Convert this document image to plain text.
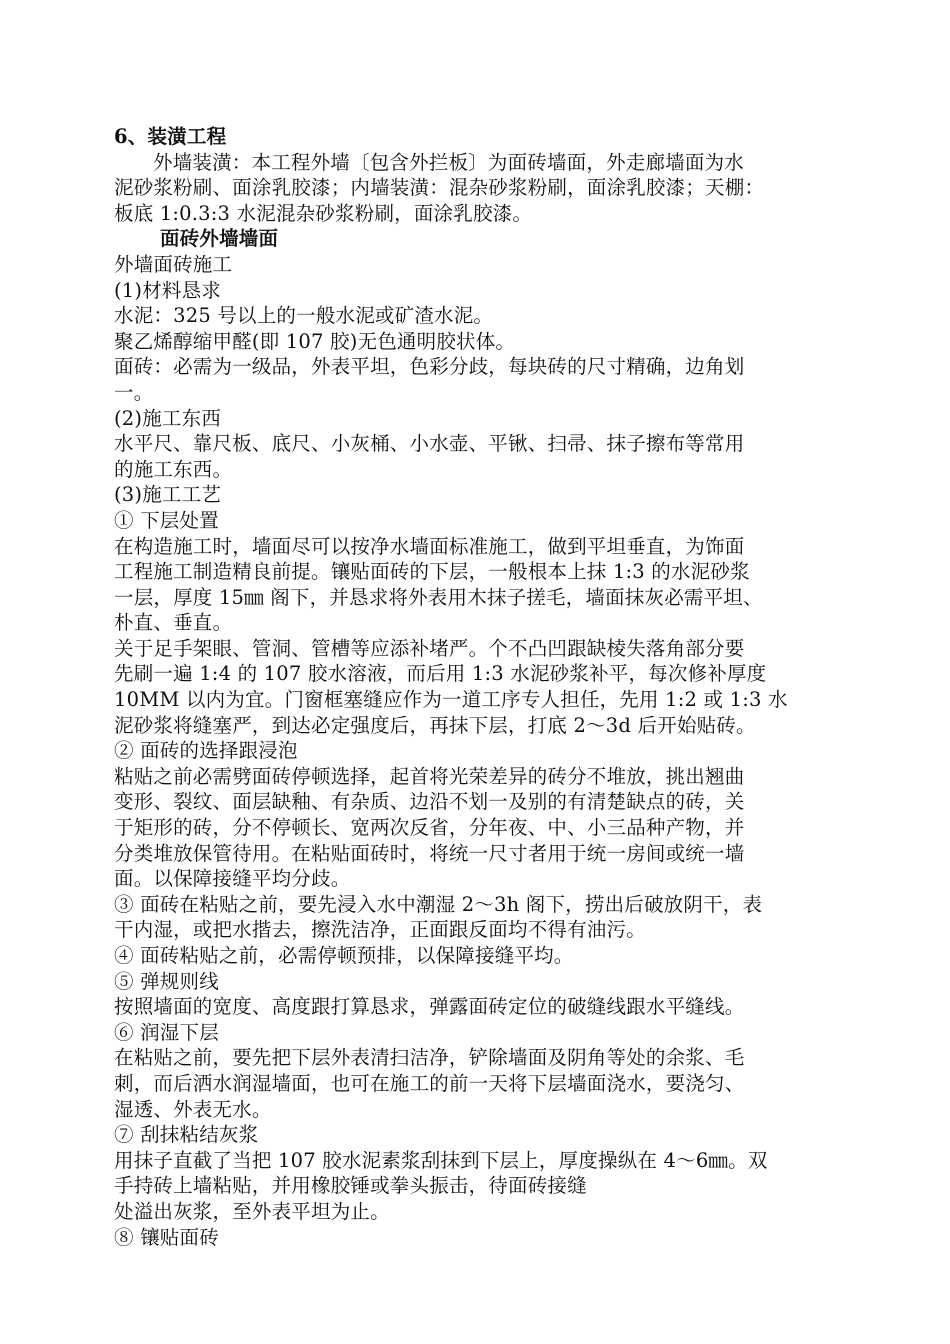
6、装潢工程
外墙装潢：本工程外墙〔包含外拦板〕为面砖墙面，外走廊墙面为水
泥砂浆粉刷、面涂乳胶漆；内墙装潢：混杂砂浆粉刷，面涂乳胶漆；天棚：
板底 1:0.3:3 水泥混杂砂浆粉刷，面涂乳胶漆。
面砖外墙墙面
外墙面砖施工
(1)材料恳求
水泥：325 号以上的一般水泥或矿渣水泥。
聚乙烯醇缩甲醛(即 107 胶)无色通明胶状体。
面砖：必需为一级品，外表平坦，色彩分歧，每块砖的尺寸精确，边角划
一。
(2)施工东西
水平尺、靠尺板、底尺、小灰桶、小水壶、平锹、扫帚、抹子擦布等常用
的施工东西。
(3)施工工艺
① 下层处置
在构造施工时，墙面尽可以按净水墙面标准施工，做到平坦垂直，为饰面
工程施工制造精良前提。镶贴面砖的下层，一般根本上抹 1:3 的水泥砂浆
一层，厚度 15㎜ 阁下，并恳求将外表用木抹子搓毛，墙面抹灰必需平坦、
朴直、垂直。
关于足手架眼、管洞、管槽等应添补堵严。个不凸凹跟缺棱失落角部分要
先刷一遍 1:4 的 107 胶水溶液，而后用 1:3 水泥砂浆补平，每次修补厚度
10MM 以内为宜。门窗框塞缝应作为一道工序专人担任，先用 1:2 或 1:3 水
泥砂浆将缝塞严，到达必定强度后，再抹下层，打底 2～3d 后开始贴砖。
② 面砖的选择跟浸泡
粘贴之前必需劈面砖停顿选择，起首将光荣差异的砖分不堆放，挑出翘曲
变形、裂纹、面层缺釉、有杂质、边沿不划一及别的有清楚缺点的砖，关
于矩形的砖，分不停顿长、宽两次反省，分年夜、中、小三品种产物，并
分类堆放保管待用。在粘贴面砖时，将统一尺寸者用于统一房间或统一墙
面。以保障接缝平均分歧。
③ 面砖在粘贴之前，要先浸入水中潮湿 2～3h 阁下，捞出后破放阴干，表
干内湿，或把水揩去，擦洗洁净，正面跟反面均不得有油污。
④ 面砖粘贴之前，必需停顿预排，以保障接缝平均。
⑤ 弹规则线
按照墙面的宽度、高度跟打算恳求，弹露面砖定位的破缝线跟水平缝线。
⑥ 润湿下层
在粘贴之前，要先把下层外表清扫洁净，铲除墙面及阴角等处的余浆、毛
刺，而后洒水润湿墙面，也可在施工的前一天将下层墙面浇水，要浇匀、
湿透、外表无水。
⑦ 刮抹粘结灰浆
用抹子直截了当把 107 胶水泥素浆刮抹到下层上，厚度操纵在 4～6㎜。双
手持砖上墙粘贴，并用橡胶锤或拳头振击，待面砖接缝
处溢出灰浆，至外表平坦为止。
⑧ 镶贴面砖
